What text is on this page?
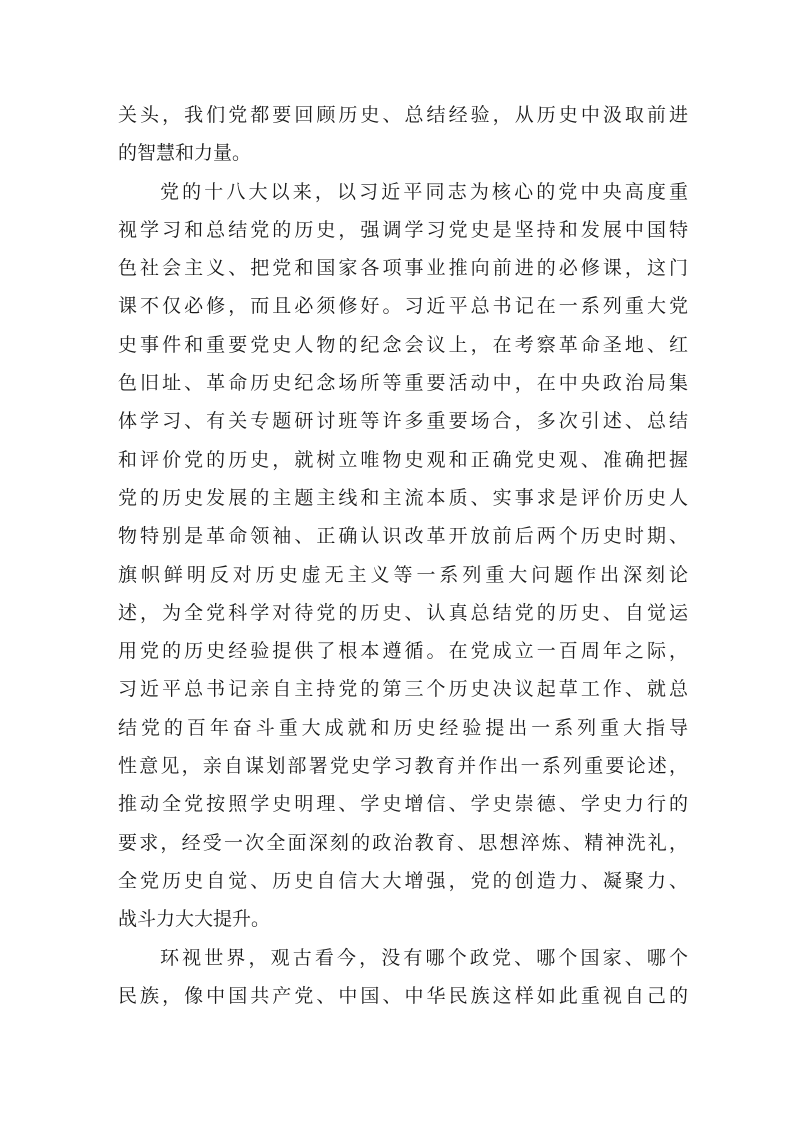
关头，我们党都要回顾历史、总结经验，从历史中汲取前进
的智慧和力量。
党的十八大以来，以习近平同志为核心的党中央高度重
视学习和总结党的历史，强调学习党史是坚持和发展中国特
色社会主义、把党和国家各项事业推向前进的必修课，这门
课不仅必修，而且必须修好。习近平总书记在一系列重大党
史事件和重要党史人物的纪念会议上，在考察革命圣地、红
色旧址、革命历史纪念场所等重要活动中，在中央政治局集
体学习、有关专题研讨班等许多重要场合，多次引述、总结
和评价党的历史，就树立唯物史观和正确党史观、准确把握
党的历史发展的主题主线和主流本质、实事求是评价历史人
物特别是革命领袖、正确认识改革开放前后两个历史时期、
旗帜鲜明反对历史虚无主义等一系列重大问题作出深刻论
述，为全党科学对待党的历史、认真总结党的历史、自觉运
用党的历史经验提供了根本遵循。在党成立一百周年之际，
习近平总书记亲自主持党的第三个历史决议起草工作、就总
结党的百年奋斗重大成就和历史经验提出一系列重大指导
性意见，亲自谋划部署党史学习教育并作出一系列重要论述，
推动全党按照学史明理、学史增信、学史崇德、学史力行的
要求，经受一次全面深刻的政治教育、思想淬炼、精神洗礼，
全党历史自觉、历史自信大大增强，党的创造力、凝聚力、
战斗力大大提升。
环视世界，观古看今，没有哪个政党、哪个国家、哪个
民族，像中国共产党、中国、中华民族这样如此重视自己的
